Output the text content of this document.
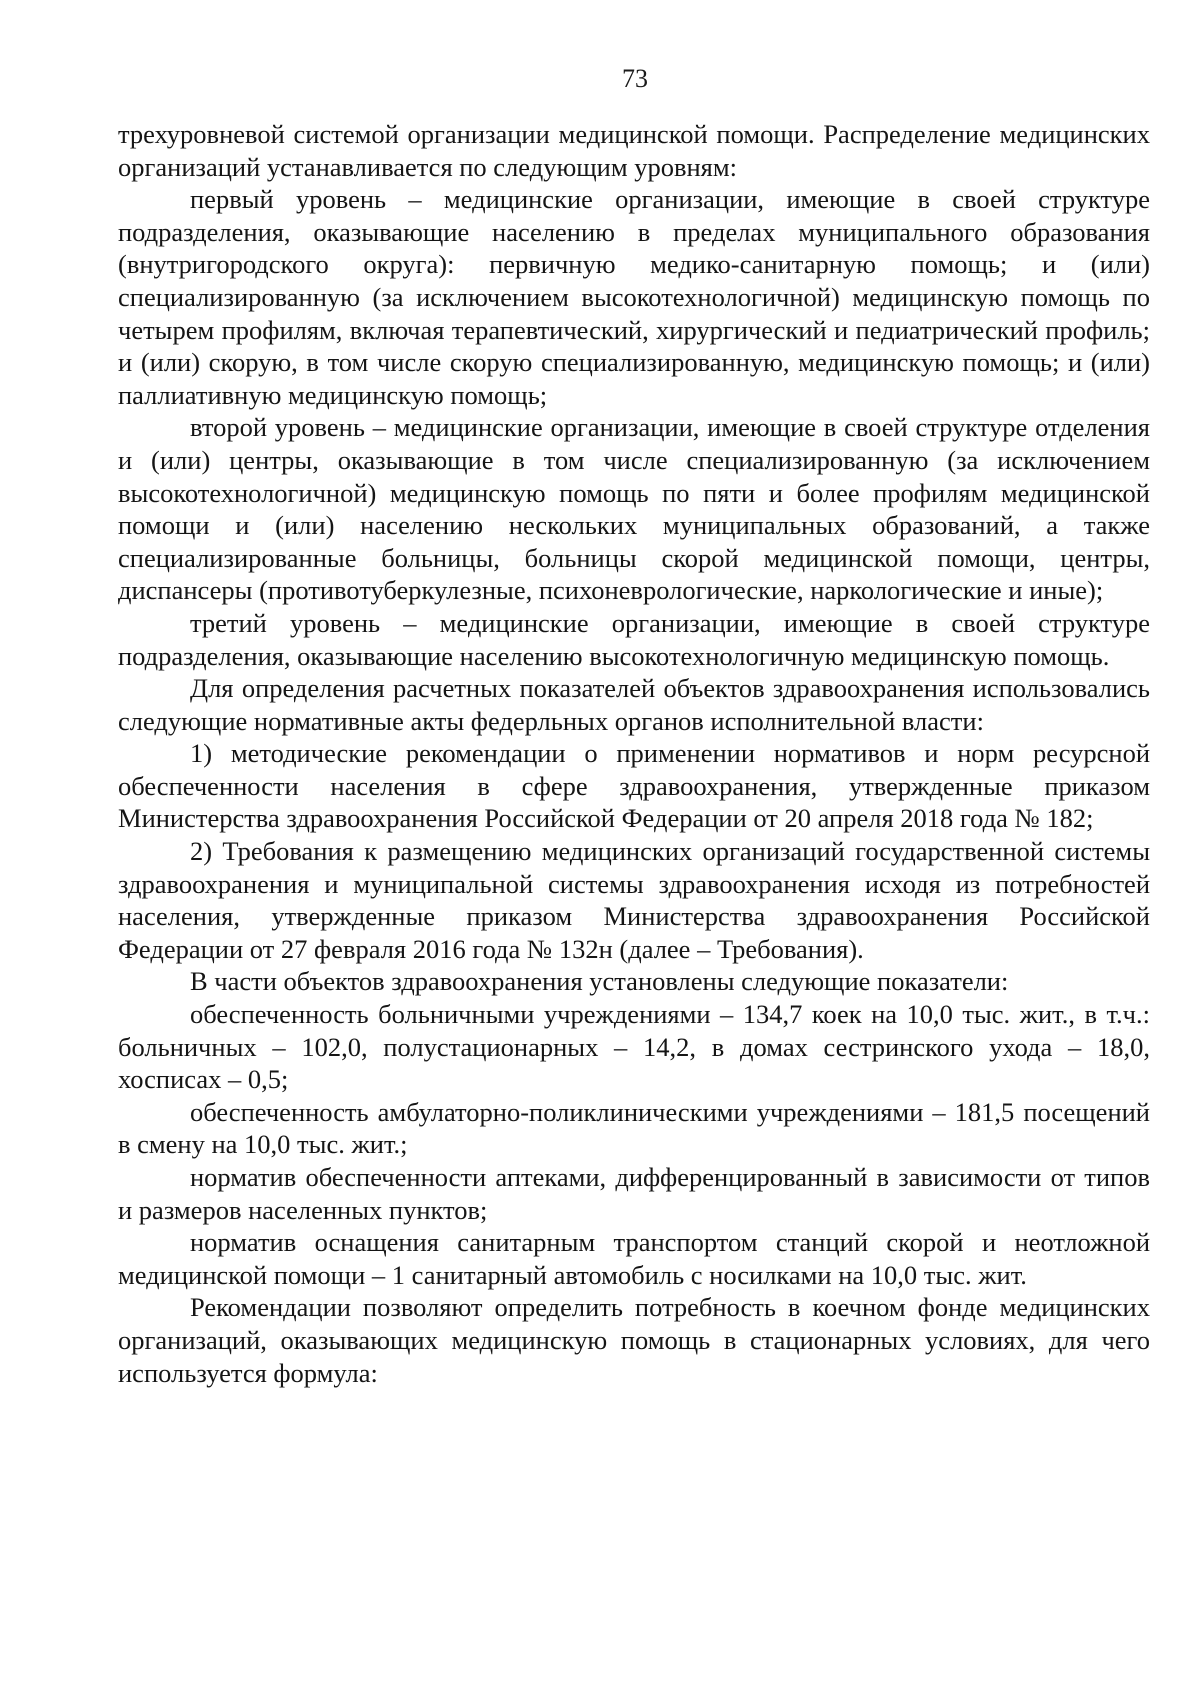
73

трехуровневой системой организации медицинской помощи. Распределение медицинских организаций устанавливается по следующим уровням:

первый уровень – медицинские организации, имеющие в своей структуре подразделения, оказывающие населению в пределах муниципального образования (внутригородского округа): первичную медико-санитарную помощь; и (или) специализированную (за исключением высокотехнологичной) медицинскую помощь по четырем профилям, включая терапевтический, хирургический и педиатрический профиль; и (или) скорую, в том числе скорую специализированную, медицинскую помощь; и (или) паллиативную медицинскую помощь;

второй уровень – медицинские организации, имеющие в своей структуре отделения и (или) центры, оказывающие в том числе специализированную (за исключением высокотехнологичной) медицинскую помощь по пяти и более профилям медицинской помощи и (или) населению нескольких муниципальных образований, а также специализированные больницы, больницы скорой медицинской помощи, центры, диспансеры (противотуберкулезные, психоневрологические, наркологические и иные);

третий уровень – медицинские организации, имеющие в своей структуре подразделения, оказывающие населению высокотехнологичную медицинскую помощь.

Для определения расчетных показателей объектов здравоохранения использовались следующие нормативные акты федерльных органов исполнительной власти:

1) методические рекомендации о применении нормативов и норм ресурсной обеспеченности населения в сфере здравоохранения, утвержденные приказом Министерства здравоохранения Российской Федерации от 20 апреля 2018 года № 182;

2) Требования к размещению медицинских организаций государственной системы здравоохранения и муниципальной системы здравоохранения исходя из потребностей населения, утвержденные приказом Министерства здравоохранения Российской Федерации от 27 февраля 2016 года № 132н (далее – Требования).

В части объектов здравоохранения установлены следующие показатели:

обеспеченность больничными учреждениями – 134,7 коек на 10,0 тыс. жит., в т.ч.: больничных – 102,0, полустационарных – 14,2, в домах сестринского ухода – 18,0, хосписах – 0,5;

обеспеченность амбулаторно-поликлиническими учреждениями – 181,5 посещений в смену на 10,0 тыс. жит.;

норматив обеспеченности аптеками, дифференцированный в зависимости от типов и размеров населенных пунктов;

норматив оснащения санитарным транспортом станций скорой и неотложной медицинской помощи – 1 санитарный автомобиль с носилками на 10,0 тыс. жит.

Рекомендации позволяют определить потребность в коечном фонде медицинских организаций, оказывающих медицинскую помощь в стационарных условиях, для чего используется формула:
